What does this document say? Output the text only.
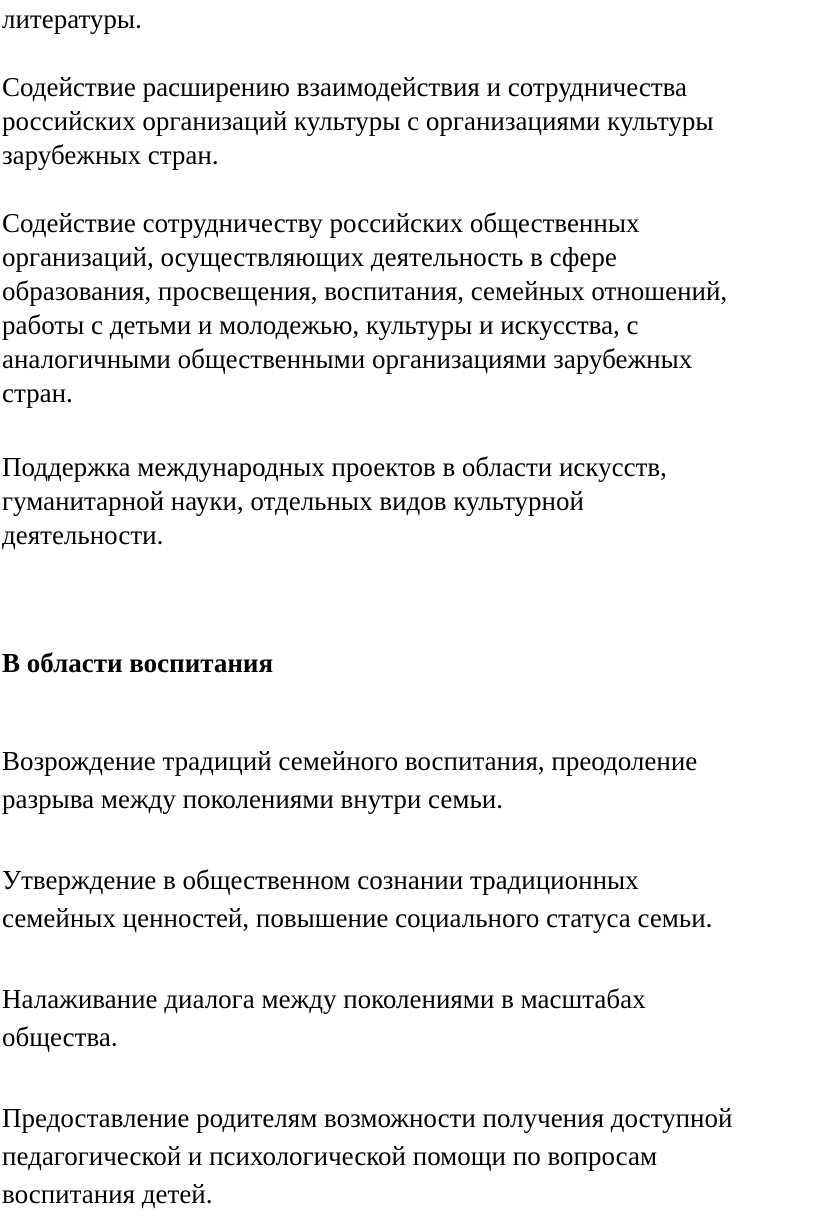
литературы.

Содействие расширению взаимодействия и сотрудничества
российских организаций культуры с организациями культуры
зарубежных стран.

Содействие сотрудничеству российских общественных
организаций, осуществляющих деятельность в сфере
образования, просвещения, воспитания, семейных отношений,
работы с детьми и молодежью, культуры и искусства, с
аналогичными общественными организациями зарубежных
стран.

Поддержка международных проектов в области искусств,
гуманитарной науки, отдельных видов культурной
деятельности.

В области воспитания

Возрождение традиций семейного воспитания, преодоление
разрыва между поколениями внутри семьи.

Утверждение в общественном сознании традиционных
семейных ценностей, повышение социального статуса семьи.

Налаживание диалога между поколениями в масштабах
общества.

Предоставление родителям возможности получения доступной
педагогической и психологической помощи по вопросам
воспитания детей.
